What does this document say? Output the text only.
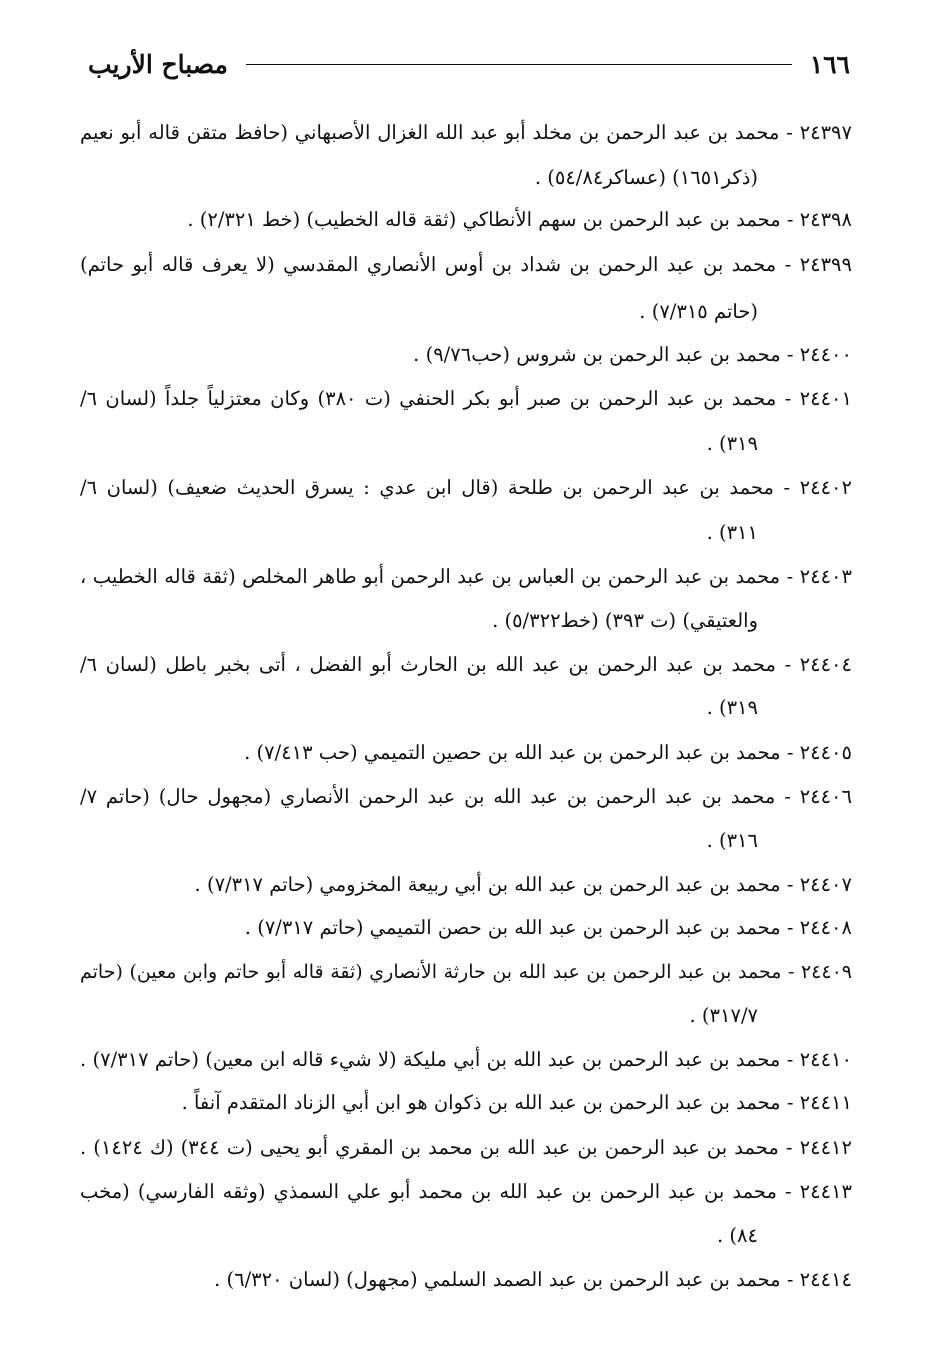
١٦٦
مصباح الأريب
٢٤٣٩٧ - محمد بن عبد الرحمن بن مخلد أبو عبد الله الغزال الأصبهاني (حافظ متقن قاله أبو نعيم
(ذكر١٦٥١) (عساكر٥٤/٨٤) .
٢٤٣٩٨ - محمد بن عبد الرحمن بن سهم الأنطاكي (ثقة قاله الخطيب) (خط ٢/٣٢١) .
٢٤٣٩٩ - محمد بن عبد الرحمن بن شداد بن أوس الأنصاري المقدسي (لا يعرف قاله أبو حاتم)
(حاتم ٧/٣١٥) .
٢٤٤٠٠ - محمد بن عبد الرحمن بن شروس (حب٩/٧٦) .
٢٤٤٠١ - محمد بن عبد الرحمن بن صبر أبو بكر الحنفي (ت ٣٨٠) وكان معتزلياً جلداً (لسان ٦/
٣١٩) .
٢٤٤٠٢ - محمد بن عبد الرحمن بن طلحة (قال ابن عدي : يسرق الحديث ضعيف) (لسان ٦/
٣١١) .
٢٤٤٠٣ - محمد بن عبد الرحمن بن العباس بن عبد الرحمن أبو طاهر المخلص (ثقة قاله الخطيب ،
والعتيقي) (ت ٣٩٣) (خط٥/٣٢٢) .
٢٤٤٠٤ - محمد بن عبد الرحمن بن عبد الله بن الحارث أبو الفضل ، أتى بخبر باطل (لسان ٦/
٣١٩) .
٢٤٤٠٥ - محمد بن عبد الرحمن بن عبد الله بن حصين التميمي (حب ٧/٤١٣) .
٢٤٤٠٦ - محمد بن عبد الرحمن بن عبد الله بن عبد الرحمن الأنصاري (مجهول حال) (حاتم ٧/
٣١٦) .
٢٤٤٠٧ - محمد بن عبد الرحمن بن عبد الله بن أبي ربيعة المخزومي (حاتم ٧/٣١٧) .
٢٤٤٠٨ - محمد بن عبد الرحمن بن عبد الله بن حصن التميمي (حاتم ٧/٣١٧) .
٢٤٤٠٩ - محمد بن عبد الرحمن بن عبد الله بن حارثة الأنصاري (ثقة قاله أبو حاتم وابن معين) (حاتم
٣١٧/٧) .
٢٤٤١٠ - محمد بن عبد الرحمن بن عبد الله بن أبي مليكة (لا شيء قاله ابن معين) (حاتم ٧/٣١٧) .
٢٤٤١١ - محمد بن عبد الرحمن بن عبد الله بن ذكوان هو ابن أبي الزناد المتقدم آنفاً .
٢٤٤١٢ - محمد بن عبد الرحمن بن عبد الله بن محمد بن المقري أبو يحيى (ت ٣٤٤) (ك ١٤٢٤) .
٢٤٤١٣ - محمد بن عبد الرحمن بن عبد الله بن محمد أبو علي السمذي (وثقه الفارسي) (مخب
٨٤) .
٢٤٤١٤ - محمد بن عبد الرحمن بن عبد الصمد السلمي (مجهول) (لسان ٦/٣٢٠) .
